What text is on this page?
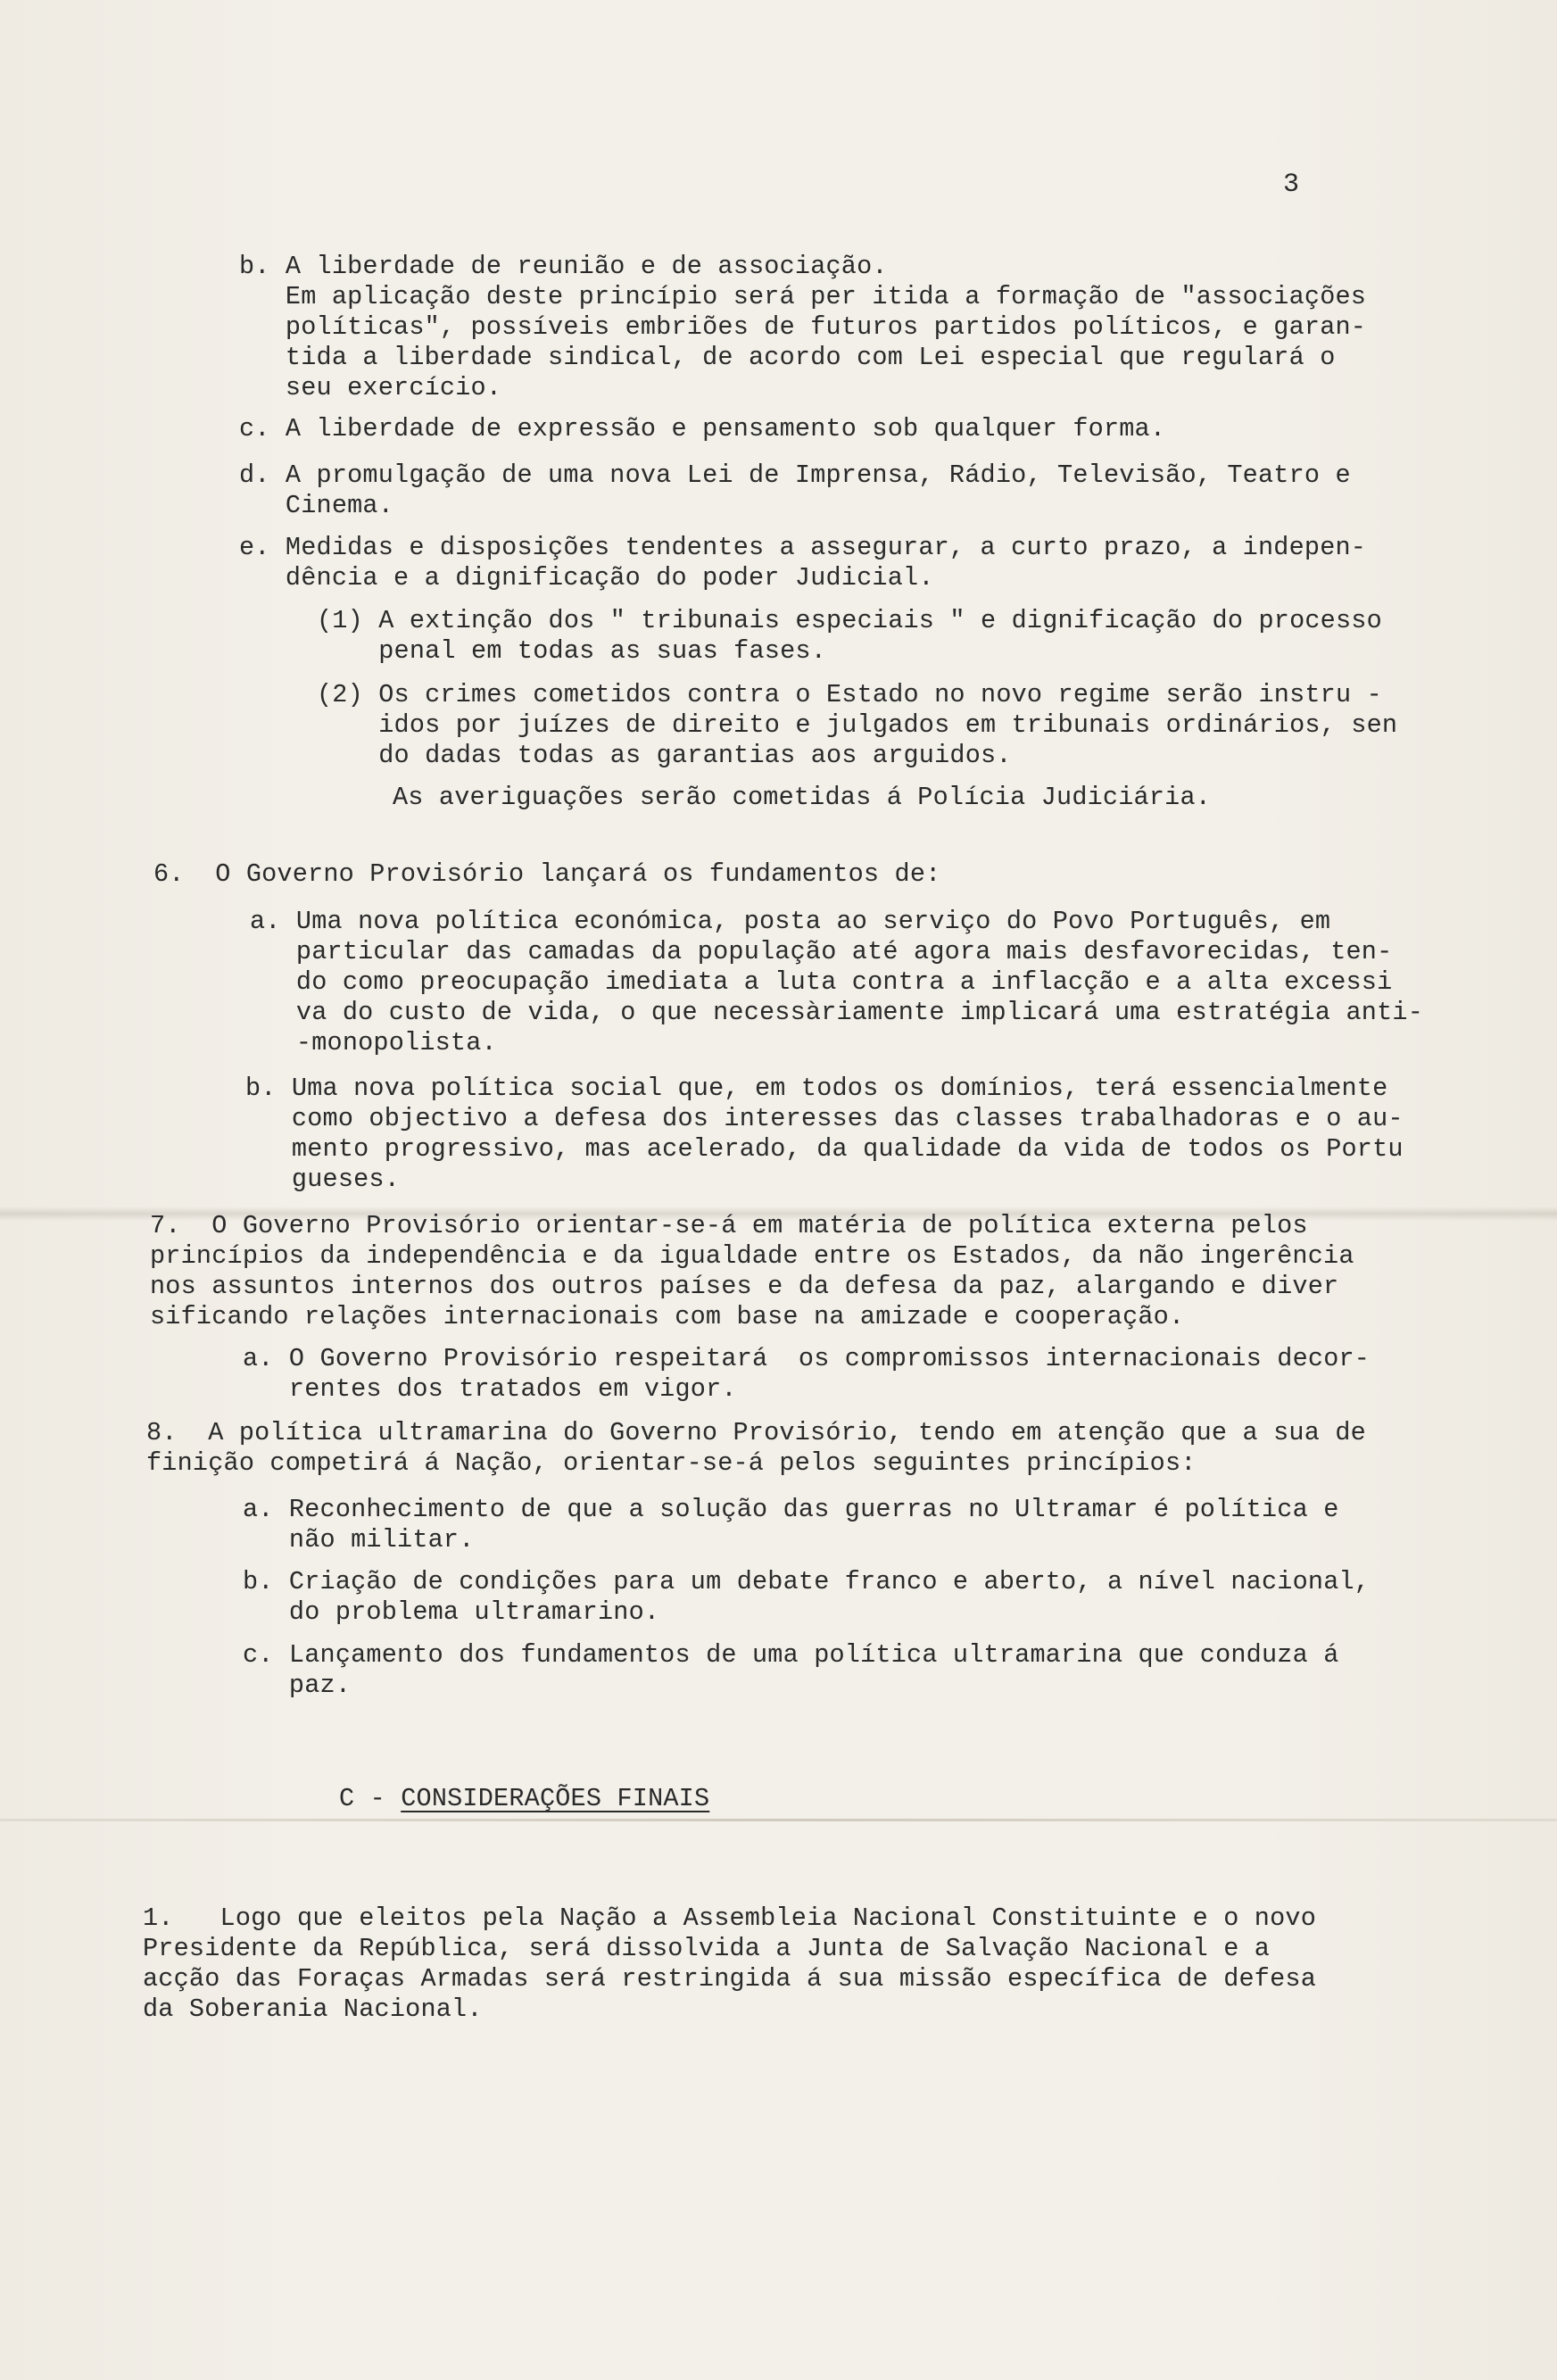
3

b. A liberdade de reunião e de associação.

Em aplicação deste princípio será per itida a formação de "associações

políticas", possíveis embriões de futuros partidos políticos, e garan-

tida a liberdade sindical, de acordo com Lei especial que regulará o

seu exercício.

c. A liberdade de expressão e pensamento sob qualquer forma.

d. A promulgação de uma nova Lei de Imprensa, Rádio, Televisão, Teatro e

Cinema.

e. Medidas e disposições tendentes a assegurar, a curto prazo, a indepen-

dência e a dignificação do poder Judicial.

(1) A extinção dos " tribunais especiais " e dignificação do processo

penal em todas as suas fases.

(2) Os crimes cometidos contra o Estado no novo regime serão instru -

idos por juízes de direito e julgados em tribunais ordinários, sen

do dadas todas as garantias aos arguidos.

As averiguações serão cometidas á Polícia Judiciária.

6.  O Governo Provisório lançará os fundamentos de:

a. Uma nova política económica, posta ao serviço do Povo Português, em

particular das camadas da população até agora mais desfavorecidas, ten-

do como preocupação imediata a luta contra a inflacção e a alta excessi

va do custo de vida, o que necessàriamente implicará uma estratégia anti-

-monopolista.

b. Uma nova política social que, em todos os domínios, terá essencialmente

como objectivo a defesa dos interesses das classes trabalhadoras e o au-

mento progressivo, mas acelerado, da qualidade da vida de todos os Portu

gueses.

7.  O Governo Provisório orientar-se-á em matéria de política externa pelos

princípios da independência e da igualdade entre os Estados, da não ingerência

nos assuntos internos dos outros países e da defesa da paz, alargando e diver

sificando relações internacionais com base na amizade e cooperação.

a. O Governo Provisório respeitará  os compromissos internacionais decor-

rentes dos tratados em vigor.

8.  A política ultramarina do Governo Provisório, tendo em atenção que a sua de

finição competirá á Nação, orientar-se-á pelos seguintes princípios:

a. Reconhecimento de que a solução das guerras no Ultramar é política e

não militar.

b. Criação de condições para um debate franco e aberto, a nível nacional,

do problema ultramarino.

c. Lançamento dos fundamentos de uma política ultramarina que conduza á

paz.

C - CONSIDERAÇÕES FINAIS

1.   Logo que eleitos pela Nação a Assembleia Nacional Constituinte e o novo

Presidente da República, será dissolvida a Junta de Salvação Nacional e a

acção das Foraças Armadas será restringida á sua missão específica de defesa

da Soberania Nacional.
